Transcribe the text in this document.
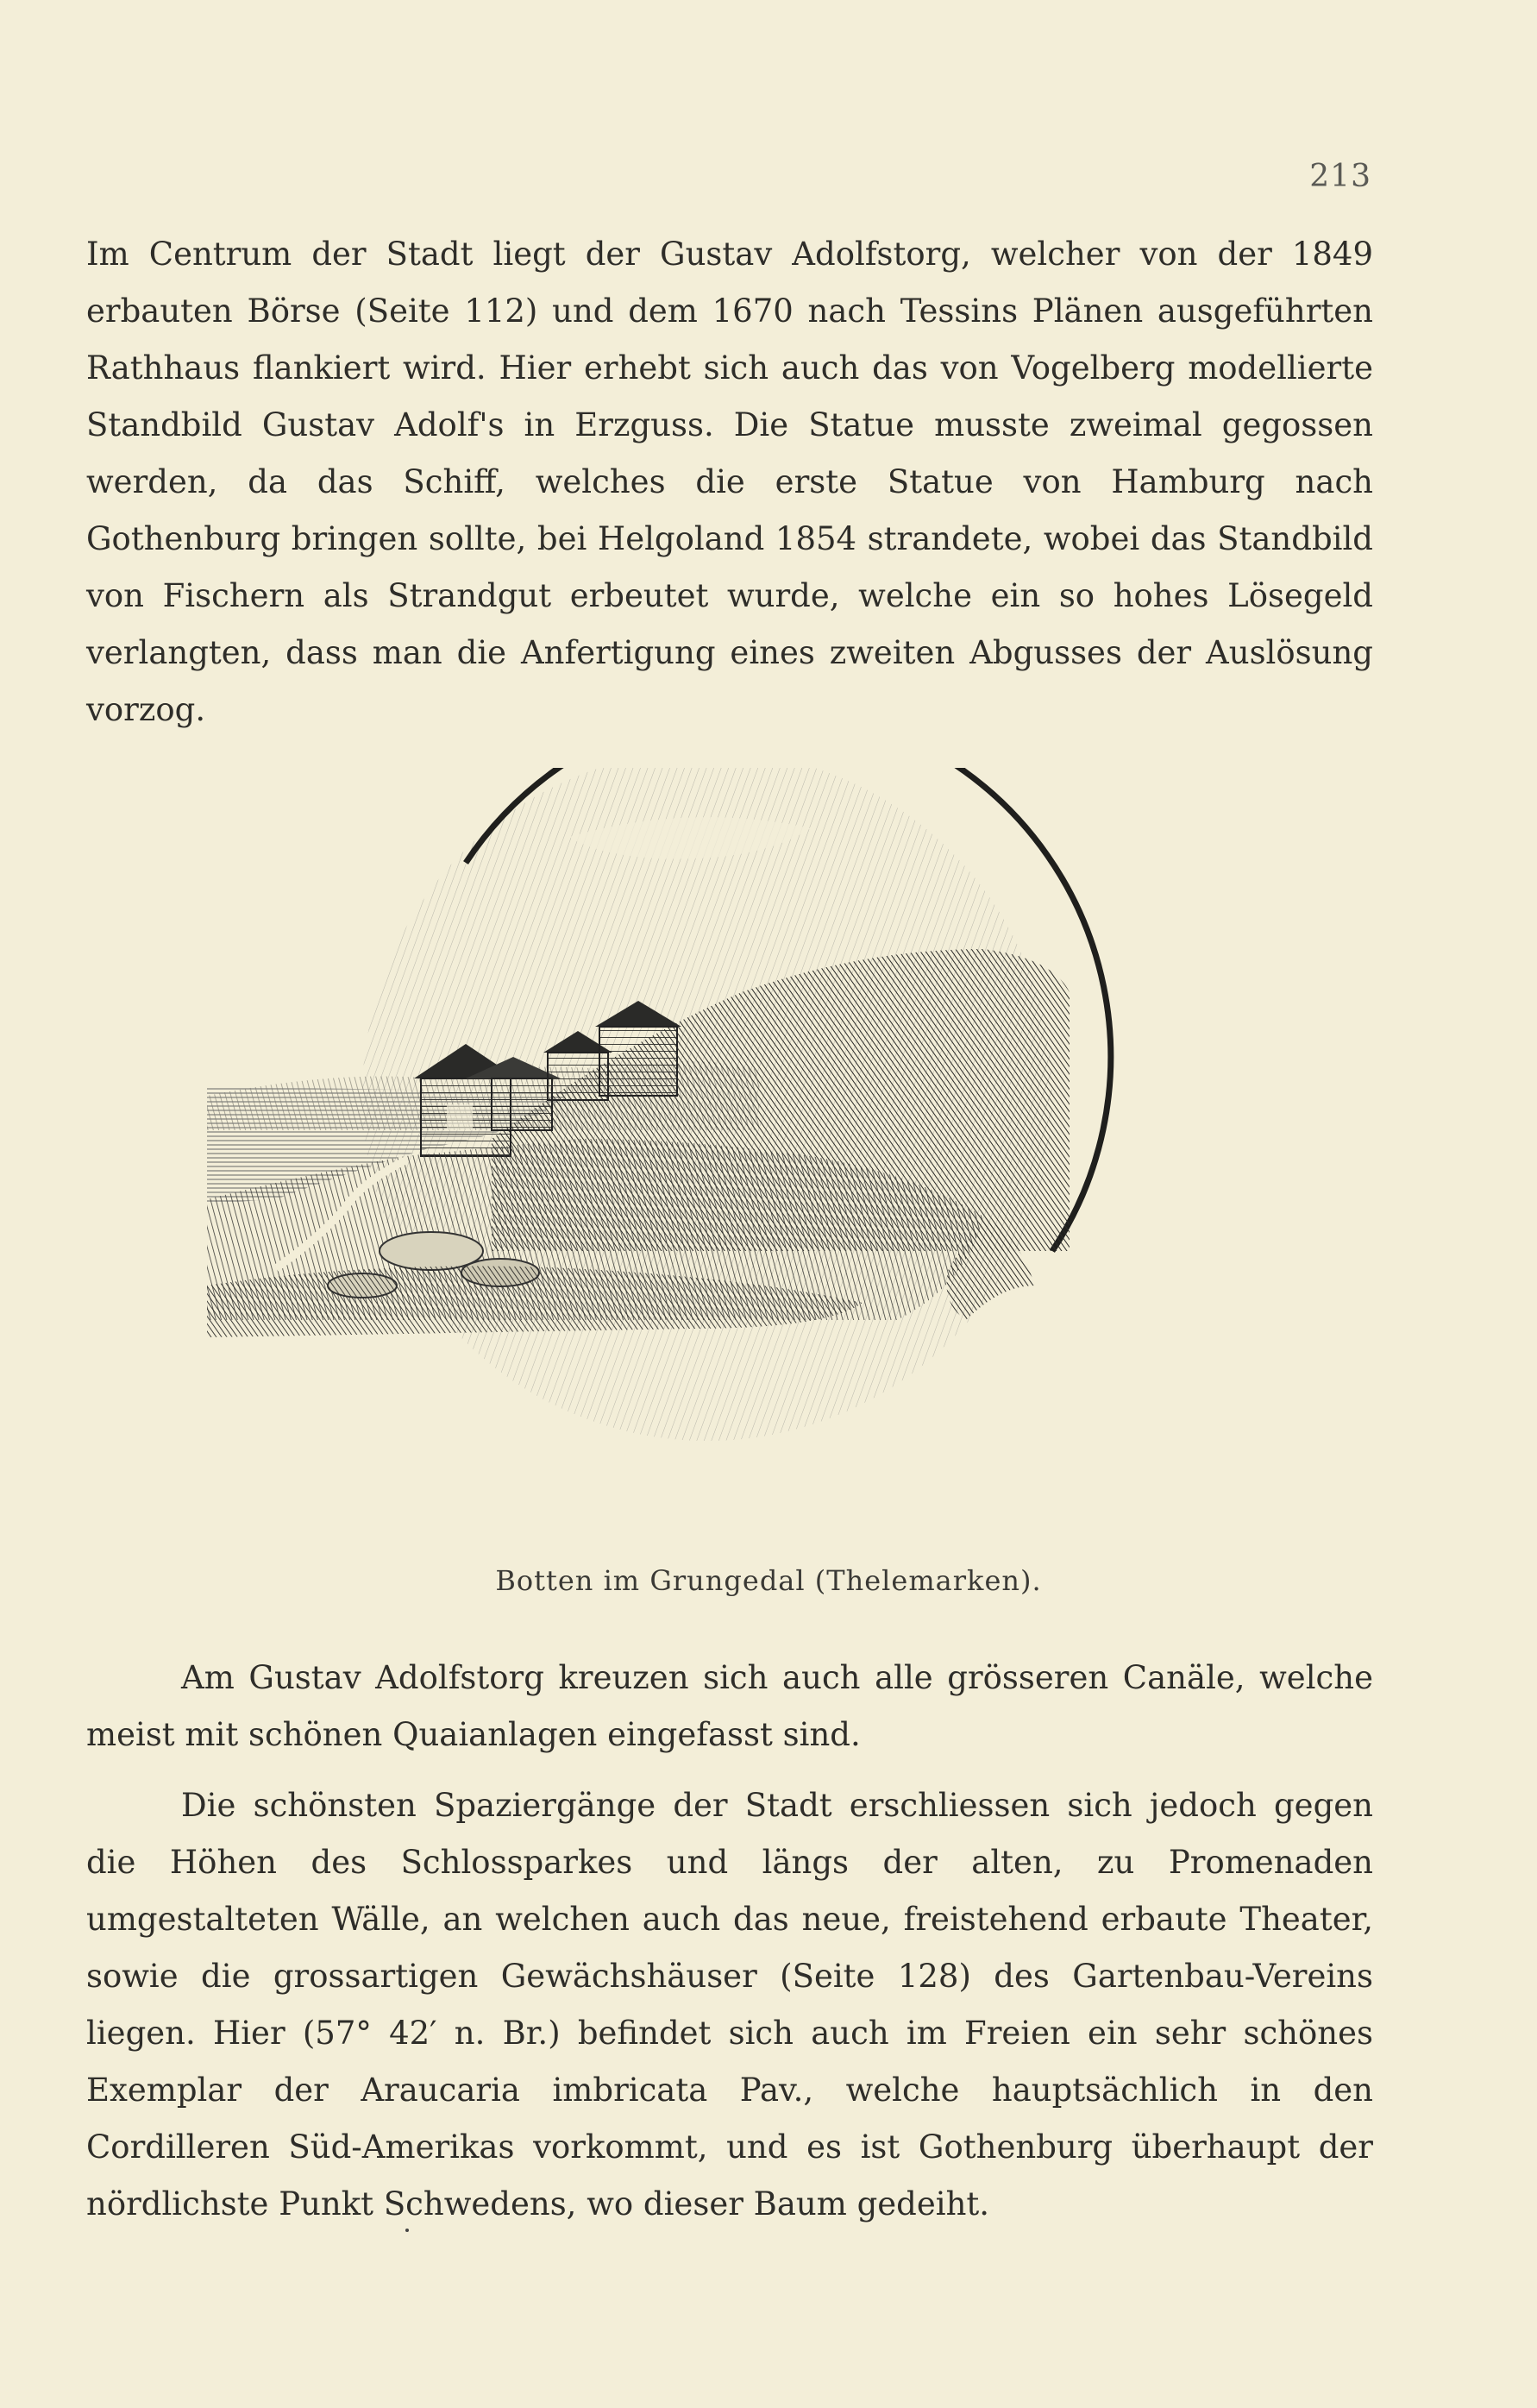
213

Im Centrum der Stadt liegt der Gustav Adolfstorg, welcher von der 1849 erbauten Börse (Seite 112) und dem 1670 nach Tessins Plänen ausgeführten Rathhaus flankiert wird. Hier erhebt sich auch das von Vogelberg modellierte Standbild Gustav Adolf's in Erzguss. Die Statue musste zweimal gegossen werden, da das Schiff, welches die erste Statue von Hamburg nach Gothenburg bringen sollte, bei Helgoland 1854 strandete, wobei das Standbild von Fischern als Strandgut erbeutet wurde, welche ein so hohes Lösegeld verlangten, dass man die Anfertigung eines zweiten Abgusses der Auslösung vorzog.

Botten im Grungedal (Thelemarken).

Am Gustav Adolfstorg kreuzen sich auch alle grösseren Canäle, welche meist mit schönen Quaianlagen eingefasst sind.

Die schönsten Spaziergänge der Stadt erschliessen sich jedoch gegen die Höhen des Schlossparkes und längs der alten, zu Promenaden umgestalteten Wälle, an welchen auch das neue, freistehend erbaute Theater, sowie die grossartigen Gewächshäuser (Seite 128) des Gartenbau-Vereins liegen. Hier (57° 42′ n. Br.) befindet sich auch im Freien ein sehr schönes Exemplar der Araucaria imbricata Pav., welche hauptsächlich in den Cordilleren Süd-Amerikas vorkommt, und es ist Gothenburg überhaupt der nördlichste Punkt Schwedens, wo dieser Baum gedeiht.
